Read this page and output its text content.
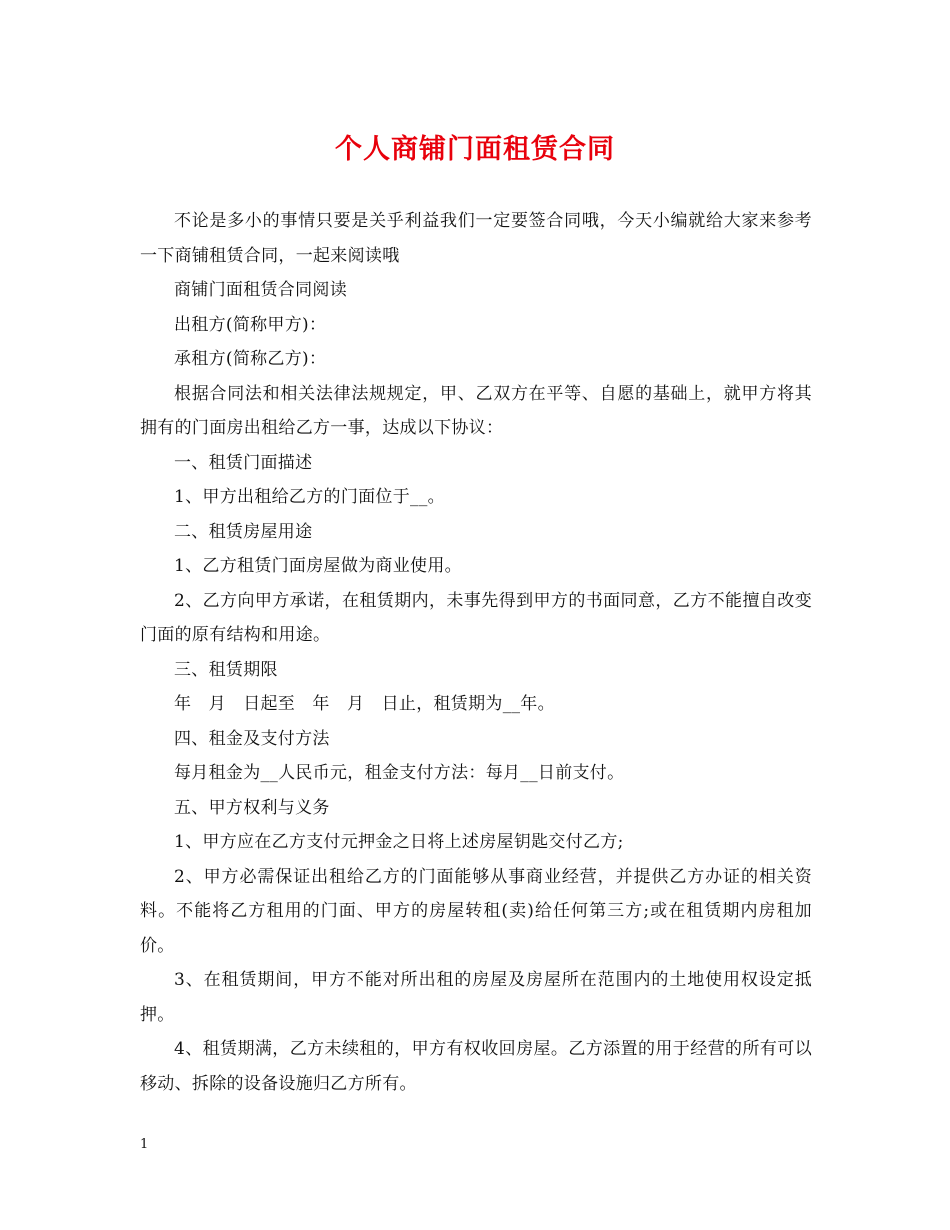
个人商铺门面租赁合同

不论是多小的事情只要是关乎利益我们一定要签合同哦，今天小编就给大家来参考一下商铺租赁合同，一起来阅读哦

商铺门面租赁合同阅读

出租方(简称甲方)：

承租方(简称乙方)：

根据合同法和相关法律法规规定，甲、乙双方在平等、自愿的基础上，就甲方将其拥有的门面房出租给乙方一事，达成以下协议：

一、租赁门面描述

1、甲方出租给乙方的门面位于__。

二、租赁房屋用途

1、乙方租赁门面房屋做为商业使用。

2、乙方向甲方承诺，在租赁期内，未事先得到甲方的书面同意，乙方不能擅自改变门面的原有结构和用途。

三、租赁期限

年　月　日起至　年　月　日止，租赁期为__年。

四、租金及支付方法

每月租金为__人民币元，租金支付方法：每月__日前支付。

五、甲方权利与义务

1、甲方应在乙方支付元押金之日将上述房屋钥匙交付乙方;

2、甲方必需保证出租给乙方的门面能够从事商业经营，并提供乙方办证的相关资料。不能将乙方租用的门面、甲方的房屋转租(卖)给任何第三方;或在租赁期内房租加价。

3、在租赁期间，甲方不能对所出租的房屋及房屋所在范围内的土地使用权设定抵押。

4、租赁期满，乙方未续租的，甲方有权收回房屋。乙方添置的用于经营的所有可以移动、拆除的设备设施归乙方所有。

1
